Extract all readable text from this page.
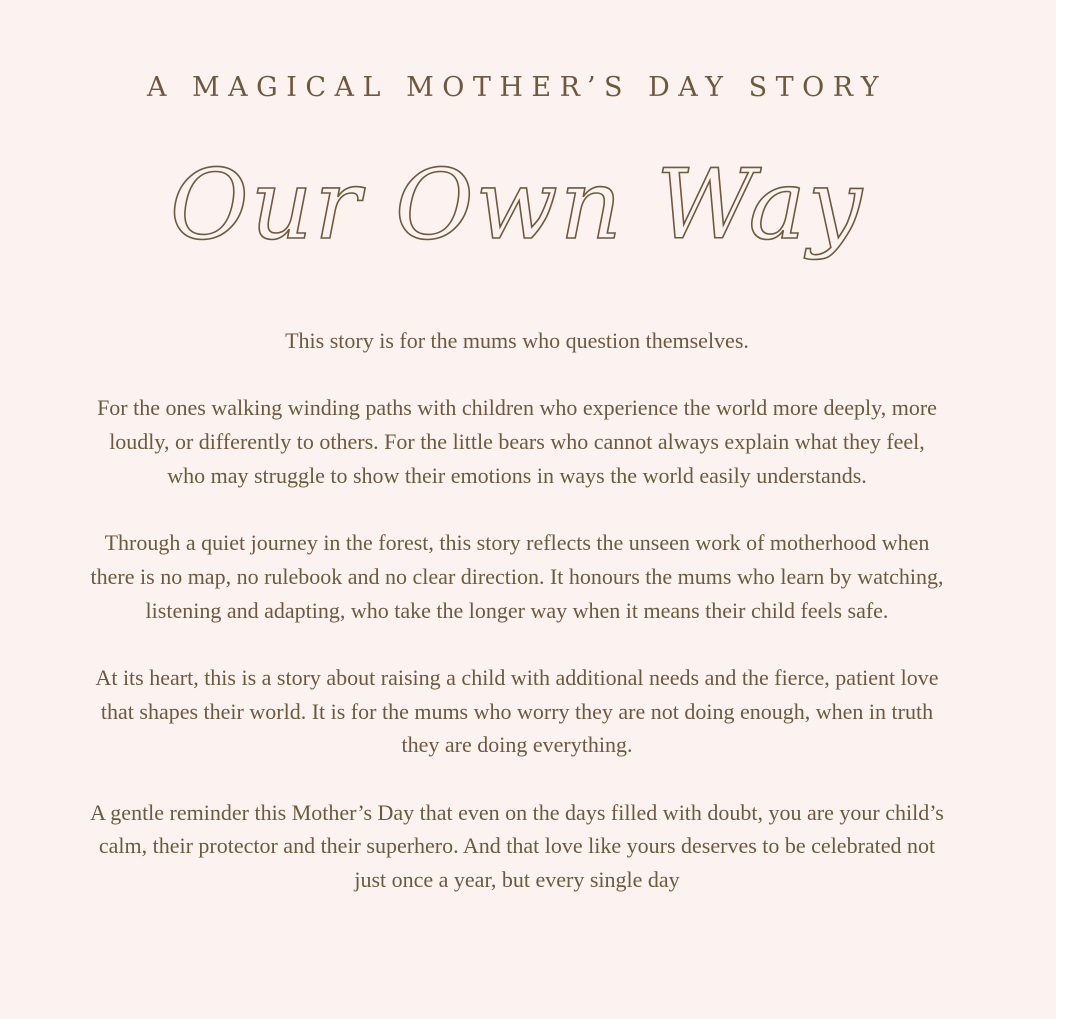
A MAGICAL MOTHER’S DAY STORY
Our Own Way

This story is for the mums who question themselves.

For the ones walking winding paths with children who experience the world more deeply, more loudly, or differently to others. For the little bears who cannot always explain what they feel, who may struggle to show their emotions in ways the world easily understands.

Through a quiet journey in the forest, this story reflects the unseen work of motherhood when there is no map, no rulebook and no clear direction. It honours the mums who learn by watching, listening and adapting, who take the longer way when it means their child feels safe.

At its heart, this is a story about raising a child with additional needs and the fierce, patient love that shapes their world. It is for the mums who worry they are not doing enough, when in truth they are doing everything.

A gentle reminder this Mother’s Day that even on the days filled with doubt, you are your child’s calm, their protector and their superhero. And that love like yours deserves to be celebrated not just once a year, but every single day
